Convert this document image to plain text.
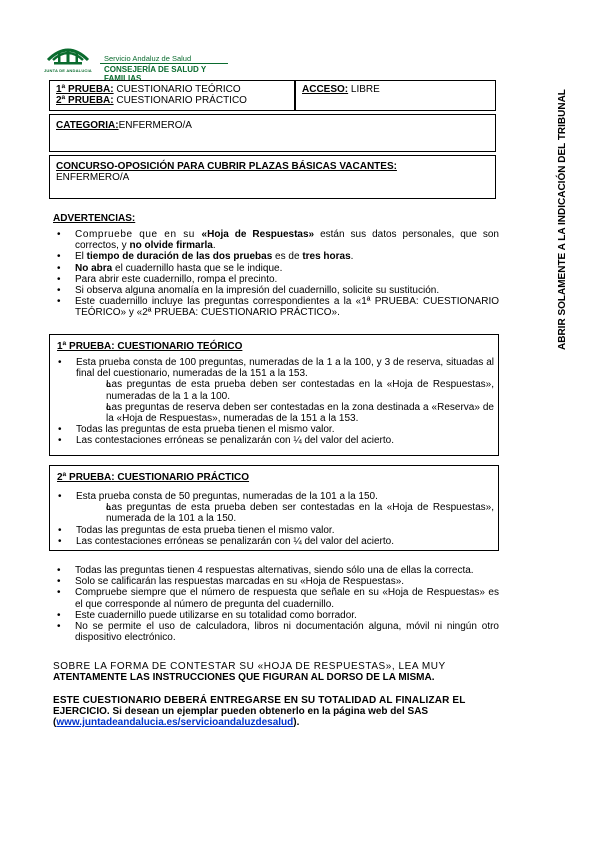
JUNTA DE ANDALUCIA
Servicio Andaluz de Salud
CONSEJERÍA DE SALUD Y FAMILIAS
ABRIR SOLAMENTE A LA INDICACIÓN DEL TRIBUNAL
1ª PRUEBA: CUESTIONARIO TEÓRICO
2ª PRUEBA: CUESTIONARIO PRÁCTICO
ACCESO: LIBRE
CATEGORIA:ENFERMERO/A
CONCURSO-OPOSICIÓN PARA CUBRIR PLAZAS BÁSICAS VACANTES:
ENFERMERO/A
ADVERTENCIAS:
• Compruebe que en su «Hoja de Respuestas» están sus datos personales, que son correctos, y no olvide firmarla.
• El tiempo de duración de las dos pruebas es de tres horas.
• No abra el cuadernillo hasta que se le indique.
• Para abrir este cuadernillo, rompa el precinto.
• Si observa alguna anomalía en la impresión del cuadernillo, solicite su sustitución.
• Este cuadernillo incluye las preguntas correspondientes a la «1ª PRUEBA: CUESTIONARIO TEÓRICO» y «2ª PRUEBA: CUESTIONARIO PRÁCTICO».
1ª PRUEBA: CUESTIONARIO TEÓRICO
• Esta prueba consta de 100 preguntas, numeradas de la 1 a la 100, y 3 de reserva, situadas al final del cuestionario, numeradas de la 151 a la 153.
o Las preguntas de esta prueba deben ser contestadas en la «Hoja de Respuestas», numeradas de la 1 a la 100.
o Las preguntas de reserva deben ser contestadas en la zona destinada a «Reserva» de la «Hoja de Respuestas», numeradas de la 151 a la 153.
• Todas las preguntas de esta prueba tienen el mismo valor.
• Las contestaciones erróneas se penalizarán con ¼ del valor del acierto.
2ª PRUEBA: CUESTIONARIO PRÁCTICO
• Esta prueba consta de 50 preguntas, numeradas de la 101 a la 150.
o Las preguntas de esta prueba deben ser contestadas en la «Hoja de Respuestas», numerada de la 101 a la 150.
• Todas las preguntas de esta prueba tienen el mismo valor.
• Las contestaciones erróneas se penalizarán con ¼ del valor del acierto.
• Todas las preguntas tienen 4 respuestas alternativas, siendo sólo una de ellas la correcta.
• Solo se calificarán las respuestas marcadas en su «Hoja de Respuestas».
• Compruebe siempre que el número de respuesta que señale en su «Hoja de Respuestas» es el que corresponde al número de pregunta del cuadernillo.
• Este cuadernillo puede utilizarse en su totalidad como borrador.
• No se permite el uso de calculadora, libros ni documentación alguna, móvil ni ningún otro dispositivo electrónico.
SOBRE LA FORMA DE CONTESTAR SU «HOJA DE RESPUESTAS», LEA MUY
ATENTAMENTE LAS INSTRUCCIONES QUE FIGURAN AL DORSO DE LA MISMA.
ESTE CUESTIONARIO DEBERÁ ENTREGARSE EN SU TOTALIDAD AL FINALIZAR EL
EJERCICIO. Si desean un ejemplar pueden obtenerlo en la página web del SAS
(www.juntadeandalucia.es/servicioandaluzdesalud).
